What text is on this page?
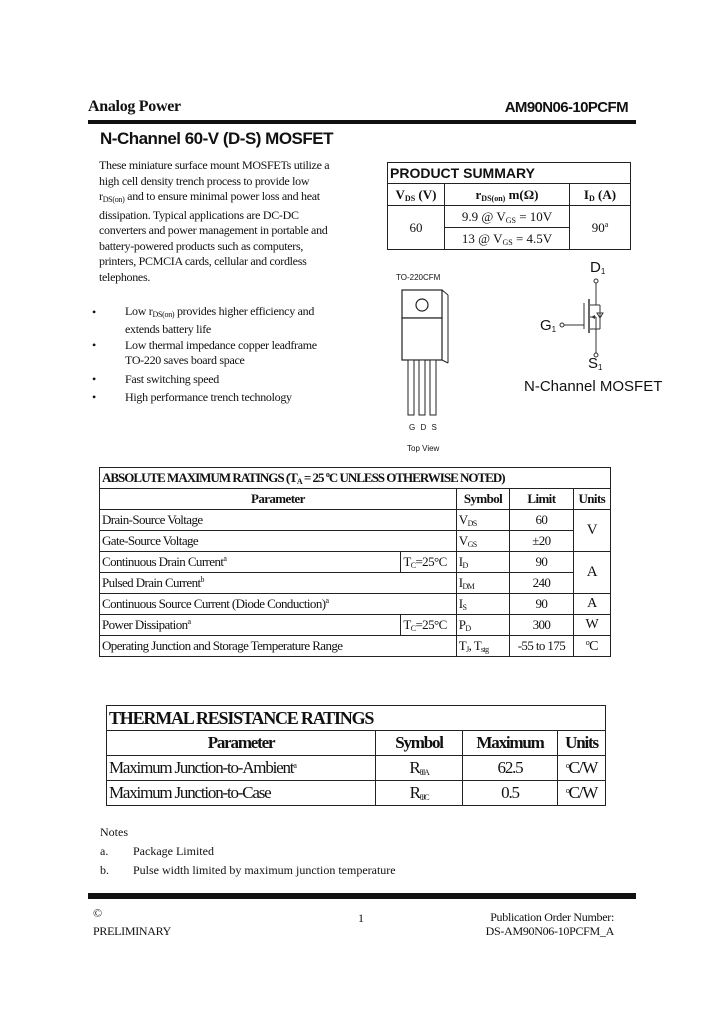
Analog Power	AM90N06-10PCFM
N-Channel 60-V (D-S) MOSFET
These miniature surface mount MOSFETs utilize a
high cell density trench process to provide low
$r_{DS(on)}$ and to ensure minimal power loss and heat
dissipation. Typical applications are DC-DC
converters and power management in portable and
battery-powered products such as computers,
printers, PCMCIA cards, cellular and cordless
telephones.
• Low $r_{DS(on)}$ provides higher efficiency and
extends battery life
• Low thermal impedance copper leadframe
TO-220 saves board space
• Fast switching speed
• High performance trench technology
PRODUCT SUMMARY		
$V_{DS}$ (V)	$r_{DS(on)}$ m(Ω)	$I_D$ (A)
60	9.9 @ $V_{GS} = 10V$	90$^a$
	13 @ $V_{GS} = 4.5V$	
TO-220CFM
G D S
Top View
$D_1$
$G_1$
$S_1$
N-Channel MOSFET
ABSOLUTE MAXIMUM RATINGS ($T_A = 25$ $^o$C UNLESS OTHERWISE NOTED)				
Parameter		Symbol	Limit	Units
Drain-Source Voltage		$V_{DS}$	60	V
Gate-Source Voltage		$V_{GS}$	±20	
Continuous Drain Current$^a$	$T_C=25^\circ C$	$I_D$	90	A
Pulsed Drain Current$^b$		$I_{DM}$	240	
Continuous Source Current (Diode Conduction)$^a$		$I_S$	90	A
Power Dissipation$^a$	$T_C=25^\circ C$	$P_D$	300	W
Operating Junction and Storage Temperature Range		$T_J$, $T_{stg}$	-55 to 175	$^o$C
THERMAL RESISTANCE RATINGS			
Parameter	Symbol	Maximum	Units
Maximum Junction-to-Ambient$^a$	$R_{\theta JA}$	62.5	$^o$C/W
Maximum Junction-to-Case	$R_{\theta JC}$	0.5	$^o$C/W
Notes
a. Package Limited
b. Pulse width limited by maximum junction temperature
©
PRELIMINARY
1	Publication Order Number:
DS-AM90N06-10PCFM_A
